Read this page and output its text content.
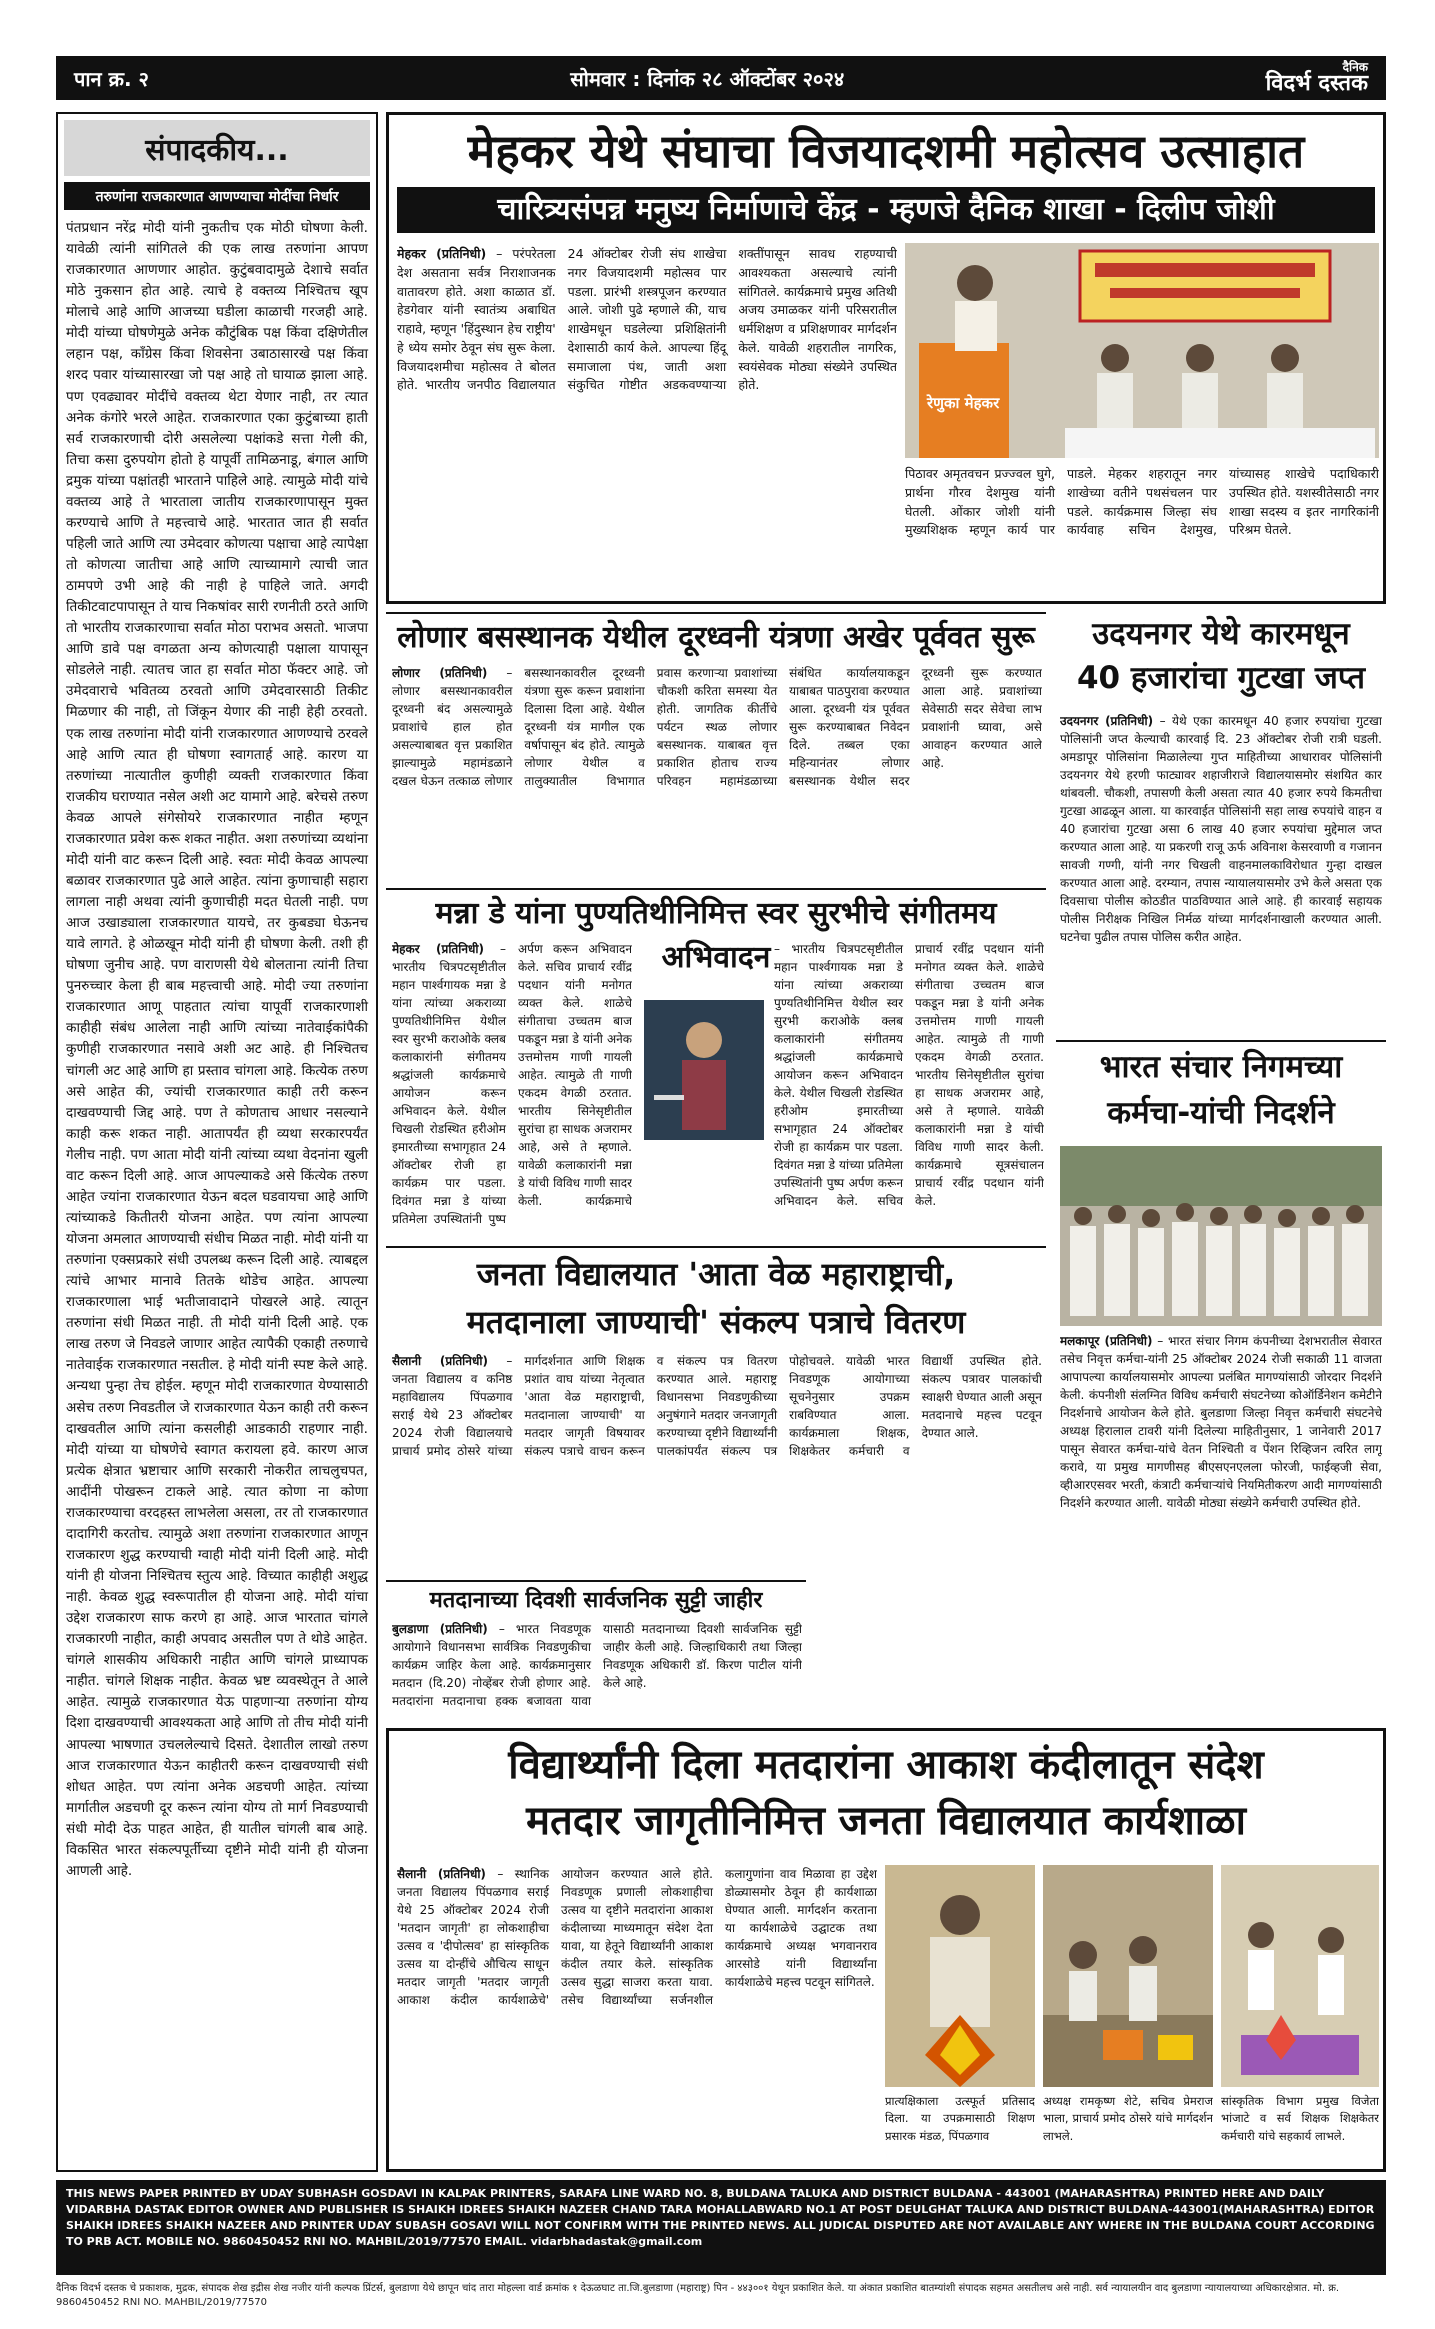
पान क्र. २	सोमवार : दिनांक २८ ऑक्टोंबर २०२४	दैनिक
विदर्भ दस्तक
संपादकीय...
तरुणांना राजकारणात आणण्याचा मोदींचा निर्धार
पंतप्रधान नरेंद्र मोदी यांनी नुकतीच एक मोठी घोषणा केली. यावेळी त्यांनी सांगितले की एक लाख तरुणांना आपण राजकारणात आणणार आहोत. कुटुंबवादामुळे देशाचे सर्वात मोठे नुकसान होत आहे. त्याचे हे वक्तव्य निश्चितच खूप मोलाचे आहे आणि आजच्या घडीला काळाची गरजही आहे. मोदी यांच्या घोषणेमुळे अनेक कौटुंबिक पक्ष किंवा दक्षिणेतील लहान पक्ष, काँग्रेस किंवा शिवसेना उबाठासारखे पक्ष किंवा शरद पवार यांच्यासारखा जो पक्ष आहे तो घायाळ झाला आहे. पण एवढ्यावर मोदींचे वक्तव्य थेटा येणार नाही, तर त्यात अनेक कंगोरे भरले आहेत. राजकारणात एका कुटुंबाच्या हाती सर्व राजकारणाची दोरी असलेल्या पक्षांकडे सत्ता गेली की, तिचा कसा दुरुपयोग होतो हे यापूर्वी तामिळनाडू, बंगाल आणि द्रमुक यांच्या पक्षांतही भारताने पाहिले आहे. त्यामुळे मोदी यांचे वक्तव्य आहे ते भारताला जातीय राजकारणापासून मुक्त करण्याचे आणि ते महत्त्वाचे आहे. भारतात जात ही सर्वात पहिली जाते आणि त्या उमेदवार कोणत्या पक्षाचा आहे त्यापेक्षा तो कोणत्या जातीचा आहे आणि त्याच्यामागे त्याची जात ठामपणे उभी आहे की नाही हे पाहिले जाते. अगदी तिकीटवाटपापासून ते याच निकषांवर सारी रणनीती ठरते आणि तो भारतीय राजकारणाचा सर्वात मोठा पराभव असतो. भाजपा आणि डावे पक्ष वगळता अन्य कोणत्याही पक्षाला यापासून सोडलेले नाही. त्यातच जात हा सर्वात मोठा फॅक्टर आहे. जो उमेदवाराचे भवितव्य ठरवतो आणि उमेदवारसाठी तिकीट मिळणार की नाही, तो जिंकून येणार की नाही हेही ठरवतो. एक लाख तरुणांना मोदी यांनी राजकारणात आणण्याचे ठरवले आहे आणि त्यात ही घोषणा स्वागतार्ह आहे. कारण या तरुणांच्या नात्यातील कुणीही व्यक्ती राजकारणात किंवा राजकीय घराण्यात नसेल अशी अट यामागे आहे. बरेचसे तरुण केवळ आपले संगेसोयरे राजकारणात नाहीत म्हणून राजकारणात प्रवेश करू शकत नाहीत. अशा तरुणांच्या व्यथांना मोदी यांनी वाट करून दिली आहे. स्वतः मोदी केवळ आपल्या बळावर राजकारणात पुढे आले आहेत. त्यांना कुणाचाही सहारा लागला नाही अथवा त्यांनी कुणाचीही मदत घेतली नाही. पण आज उखाड्याला राजकारणात यायचे, तर कुबड्या घेऊनच यावे लागते. हे ओळखून मोदी यांनी ही घोषणा केली. तशी ही घोषणा जुनीच आहे. पण वाराणसी येथे बोलताना त्यांनी तिचा पुनरुच्चार केला ही बाब महत्त्वाची आहे. मोदी ज्या तरुणांना राजकारणात आणू पाहतात त्यांचा यापूर्वी राजकारणाशी काहीही संबंध आलेला नाही आणि त्यांच्या नातेवाईकांपैकी कुणीही राजकारणात नसावे अशी अट आहे. ही निश्चितच चांगली अट आहे आणि हा प्रस्ताव चांगला आहे. कित्येक तरुण असे आहेत की, ज्यांची राजकारणात काही तरी करून दाखवण्याची जिद्द आहे. पण ते कोणताच आधार नसल्याने काही करू शकत नाही. आतापर्यंत ही व्यथा सरकारपर्यंत गेलीच नाही. पण आता मोदी यांनी त्यांच्या व्यथा वेदनांना खुली वाट करून दिली आहे. आज आपल्याकडे असे किंत्येक तरुण आहेत ज्यांना राजकारणात येऊन बदल घडवायचा आहे आणि त्यांच्याकडे कितीतरी योजना आहेत. पण त्यांना आपल्या योजना अमलात आणण्याची संधीच मिळत नाही. मोदी यांनी या तरुणांना एक्सप्रकारे संधी उपलब्ध करून दिली आहे. त्याबद्दल त्यांचे आभार मानावे तितके थोडेच आहेत. आपल्या राजकारणाला भाई भतीजावादाने पोखरले आहे. त्यातून तरुणांना संधी मिळत नाही. ती मोदी यांनी दिली आहे. एक लाख तरुण जे निवडले जाणार आहेत त्यापैकी एकाही तरुणाचे नातेवाईक राजकारणात नसतील. हे मोदी यांनी स्पष्ट केले आहे. अन्यथा पुन्हा तेच होईल. म्हणून मोदी राजकारणात येण्यासाठी असेच तरुण निवडतील जे राजकारणात येऊन काही तरी करून दाखवतील आणि त्यांना कसलीही आडकाठी राहणार नाही. मोदी यांच्या या घोषणेचे स्वागत करायला हवे. कारण आज प्रत्येक क्षेत्रात भ्रष्टाचार आणि सरकारी नोकरीत लाचलुचपत, आदींनी पोखरून टाकले आहे. त्यात कोणा ना कोणा राजकारण्याचा वरदहस्त लाभलेला असला, तर तो राजकारणात दादागिरी करतोच. त्यामुळे अशा तरुणांना राजकारणात आणून राजकारण शुद्ध करण्याची ग्वाही मोदी यांनी दिली आहे. मोदी यांनी ही योजना निश्चितच स्तुत्य आहे. विच्यात काहीही अशुद्ध नाही. केवळ शुद्ध स्वरूपातील ही योजना आहे. मोदी यांचा उद्देश राजकारण साफ करणे हा आहे. आज भारतात चांगले राजकारणी नाहीत, काही अपवाद असतील पण ते थोडे आहेत. चांगले शासकीय अधिकारी नाहीत आणि चांगले प्राध्यापक नाहीत. चांगले शिक्षक नाहीत. केवळ भ्रष्ट व्यवस्थेतून ते आले आहेत. त्यामुळे राजकारणात येऊ पाहणाऱ्या तरुणांना योग्य दिशा दाखवण्याची आवश्यकता आहे आणि तो तीच मोदी यांनी आपल्या भाषणात उचललेल्याचे दिसते. देशातील लाखो तरुण आज राजकारणात येऊन काहीतरी करून दाखवण्याची संधी शोधत आहेत. पण त्यांना अनेक अडचणी आहेत. त्यांच्या मार्गातील अडचणी दूर करून त्यांना योग्य तो मार्ग निवडण्याची संधी मोदी देऊ पाहत आहेत, ही यातील चांगली बाब आहे. विकसित भारत संकल्पपूर्तीच्या दृष्टीने मोदी यांनी ही योजना आणली आहे.
मेहकर येथे संघाचा विजयादशमी महोत्सव उत्साहात
चारित्र्यसंपन्न मनुष्य निर्माणाचे केंद्र - म्हणजे दैनिक शाखा - दिलीप जोशी
मेहकर (प्रतिनिधी) – परंपरेतला देश असताना सर्वत्र निराशाजनक वातावरण होते. अशा काळात डॉ. हेडगेवार यांनी स्वातंत्र्य अबाधित राहावे, म्हणून 'हिंदुस्थान हेच राष्ट्रीय' हे ध्येय समोर ठेवून संघ सुरू केला. विजयादशमीचा महोत्सव ते बोलत होते. भारतीय जनपीठ विद्यालयात 24 ऑक्टोबर रोजी संघ शाखेचा नगर विजयादशमी महोत्सव पार पडला. प्रारंभी शस्त्रपूजन करण्यात आले. जोशी पुढे म्हणाले की, याच शाखेमधून घडलेल्या प्रशिक्षितांनी देशासाठी कार्य केले. आपल्या हिंदू समाजाला पंथ, जाती अशा संकुचित गोष्टीत अडकवण्याऱ्या शक्तींपासून सावध राहण्याची आवश्यकता असल्याचे त्यांनी सांगितले. कार्यक्रमाचे प्रमुख अतिथी अजय उमाळकर यांनी परिसरातील धर्मशिक्षण व प्रशिक्षणावर मार्गदर्शन केले. यावेळी शहरातील नागरिक, स्वयंसेवक मोठ्या संख्येने उपस्थित होते.
रेणुका मेहकर
पिठावर अमृतवचन प्रज्ज्वल घुगे, प्रार्थना गौरव देशमुख यांनी घेतली. ओंकार जोशी यांनी मुख्यशिक्षक म्हणून कार्य पार पाडले. मेहकर शहरातून नगर शाखेच्या वतीने पथसंचलन पार पडले. कार्यक्रमास जिल्हा संघ कार्यवाह सचिन देशमुख, यांच्यासह शाखेचे पदाधिकारी उपस्थित होते. यशस्वीतेसाठी नगर शाखा सदस्य व इतर नागरिकांनी परिश्रम घेतले.
लोणार बसस्थानक येथील दूरध्वनी यंत्रणा अखेर पूर्ववत सुरू
लोणार (प्रतिनिधी) – लोणार बसस्थानकावरील दूरध्वनी बंद असल्यामुळे प्रवाशांचे हाल होत असल्याबाबत वृत्त प्रकाशित झाल्यामुळे महामंडळाने दखल घेऊन तत्काळ लोणार बसस्थानकावरील दूरध्वनी यंत्रणा सुरू करून प्रवाशांना दिलासा दिला आहे. येथील दूरध्वनी यंत्र मागील एक वर्षापासून बंद होते. त्यामुळे लोणार येथील व तालुक्यातील विभागात प्रवास करणाऱ्या प्रवाशांच्या चौकशी करिता समस्या येत होती. जागतिक कीर्तीचे पर्यटन स्थळ लोणार बसस्थानक. याबाबत वृत्त प्रकाशित होताच राज्य परिवहन महामंडळाच्या संबंधित कार्यालयाकडून याबाबत पाठपुरावा करण्यात आला. दूरध्वनी यंत्र पूर्ववत सुरू करण्याबाबत निवेदन दिले. तब्बल एका महिन्यानंतर लोणार बसस्थानक येथील सदर दूरध्वनी सुरू करण्यात आला आहे. प्रवाशांच्या सेवेसाठी सदर सेवेचा लाभ प्रवाशांनी घ्यावा, असे आवाहन करण्यात आले आहे.
मन्ना डे यांना पुण्यतिथीनिमित्त स्वर सुरभीचे संगीतमय अभिवादन
मेहकर (प्रतिनिधी) – भारतीय चित्रपटसृष्टीतील महान पार्श्वगायक मन्ना डे यांना त्यांच्या अकराव्या पुण्यतिथीनिमित्त येथील स्वर सुरभी कराओके क्लब कलाकारांनी संगीतमय श्रद्धांजली कार्यक्रमाचे आयोजन करून अभिवादन केले. येथील चिखली रोडस्थित हरीओम इमारतीच्या सभागृहात 24 ऑक्टोबर रोजी हा कार्यक्रम पार पडला. दिवंगत मन्ना डे यांच्या प्रतिमेला उपस्थितांनी पुष्प अर्पण करून अभिवादन केले. सचिव प्राचार्य रवींद्र पदधान यांनी मनोगत व्यक्त केले. शाळेचे संगीताचा उच्चतम बाज पकडून मन्ना डे यांनी अनेक उत्तमोत्तम गाणी गायली आहेत. त्यामुळे ती गाणी एकदम वेगळी ठरतात. भारतीय सिनेसृष्टीतील सुरांचा हा साधक अजरामर आहे, असे ते म्हणाले. यावेळी कलाकारांनी मन्ना डे यांची विविध गाणी सादर केली. कार्यक्रमाचे
– भारतीय चित्रपटसृष्टीतील महान पार्श्वगायक मन्ना डे यांना त्यांच्या अकराव्या पुण्यतिथीनिमित्त येथील स्वर सुरभी कराओके क्लब कलाकारांनी संगीतमय श्रद्धांजली कार्यक्रमाचे आयोजन करून अभिवादन केले. येथील चिखली रोडस्थित हरीओम इमारतीच्या सभागृहात 24 ऑक्टोबर रोजी हा कार्यक्रम पार पडला. दिवंगत मन्ना डे यांच्या प्रतिमेला उपस्थितांनी पुष्प अर्पण करून अभिवादन केले. सचिव प्राचार्य रवींद्र पदधान यांनी मनोगत व्यक्त केले. शाळेचे संगीताचा उच्चतम बाज पकडून मन्ना डे यांनी अनेक उत्तमोत्तम गाणी गायली आहेत. त्यामुळे ती गाणी एकदम वेगळी ठरतात. भारतीय सिनेसृष्टीतील सुरांचा हा साधक अजरामर आहे, असे ते म्हणाले. यावेळी कलाकारांनी मन्ना डे यांची विविध गाणी सादर केली. कार्यक्रमाचे सूत्रसंचालन प्राचार्य रवींद्र पदधान यांनी केले.
जनता विद्यालयात 'आता वेळ महाराष्ट्राची,
मतदानाला जाण्याची' संकल्प पत्राचे वितरण
सैलानी (प्रतिनिधी) – जनता विद्यालय व कनिष्ठ महाविद्यालय पिंपळगाव सराई येथे 23 ऑक्टोबर 2024 रोजी विद्यालयाचे प्राचार्य प्रमोद ठोसरे यांच्या मार्गदर्शनात आणि शिक्षक प्रशांत वाघ यांच्या नेतृत्वात 'आता वेळ महाराष्ट्राची, मतदानाला जाण्याची' या मतदार जागृती विषयावर संकल्प पत्राचे वाचन करून व संकल्प पत्र वितरण करण्यात आले. महाराष्ट्र विधानसभा निवडणुकीच्या अनुषंगाने मतदार जनजागृती करण्याच्या दृष्टीने विद्यार्थ्यांनी पालकांपर्यंत संकल्प पत्र पोहोचवले. यावेळी भारत निवडणूक आयोगाच्या सूचनेनुसार उपक्रम राबविण्यात आला. कार्यक्रमाला शिक्षक, शिक्षकेतर कर्मचारी व विद्यार्थी उपस्थित होते. संकल्प पत्रावर पालकांची स्वाक्षरी घेण्यात आली असून मतदानाचे महत्त्व पटवून देण्यात आले.
मतदानाच्या दिवशी सार्वजनिक सुट्टी जाहीर
बुलडाणा (प्रतिनिधी) – भारत निवडणूक आयोगाने विधानसभा सार्वत्रिक निवडणुकीचा कार्यक्रम जाहिर केला आहे. कार्यक्रमानुसार मतदान (दि.20) नोव्हेंबर रोजी होणार आहे. मतदारांना मतदानाचा हक्क बजावता यावा यासाठी मतदानाच्या दिवशी सार्वजनिक सुट्टी जाहीर केली आहे. जिल्हाधिकारी तथा जिल्हा निवडणूक अधिकारी डॉ. किरण पाटील यांनी केले आहे.
उदयनगर येथे कारमधून
40 हजारांचा गुटखा जप्त
उदयनगर (प्रतिनिधी) – येथे एका कारमधून 40 हजार रुपयांचा गुटखा पोलिसांनी जप्त केल्याची कारवाई दि. 23 ऑक्टोबर रोजी रात्री घडली. अमडापूर पोलिसांना मिळालेल्या गुप्त माहितीच्या आधारावर पोलिसांनी उदयनगर येथे हरणी फाट्यावर शहाजीराजे विद्यालयासमोर संशयित कार थांबवली. चौकशी, तपासणी केली असता त्यात 40 हजार रुपये किमतीचा गुटखा आढळून आला. या कारवाईत पोलिसांनी सहा लाख रुपयांचे वाहन व 40 हजारांचा गुटखा असा 6 लाख 40 हजार रुपयांचा मुद्देमाल जप्त करण्यात आला आहे. या प्रकरणी राजू ऊर्फ अविनाश केसरवाणी व गजानन सावजी गण्गी, यांनी नगर चिखली वाहनमालकाविरोधात गुन्हा दाखल करण्यात आला आहे. दरम्यान, तपास न्यायालयासमोर उभे केले असता एक दिवसाचा पोलीस कोठडीत पाठविण्यात आले आहे. ही कारवाई सहायक पोलीस निरीक्षक निखिल निर्मळ यांच्या मार्गदर्शनाखाली करण्यात आली. घटनेचा पुढील तपास पोलिस करीत आहेत.
भारत संचार निगमच्या
कर्मचा-यांची निदर्शने
मलकापूर (प्रतिनिधी) – भारत संचार निगम कंपनीच्या देशभरातील सेवारत तसेच निवृत्त कर्मचा-यांनी 25 ऑक्टोबर 2024 रोजी सकाळी 11 वाजता आपापल्या कार्यालयासमोर आपल्या प्रलंबित मागण्यांसाठी जोरदार निदर्शने केली. कंपनीशी संलग्नित विविध कर्मचारी संघटनेच्या कोऑर्डिनेशन कमेटीने निदर्शनाचे आयोजन केले होते. बुलडाणा जिल्हा निवृत्त कर्मचारी संघटनेचे अध्यक्ष हिरालाल टावरी यांनी दिलेल्या माहितीनुसार, 1 जानेवारी 2017 पासून सेवारत कर्मचा-यांचे वेतन निश्चिती व पेंशन रिव्हिजन त्वरित लागू करावे, या प्रमुख मागणीसह बीएसएनएलला फोरजी, फाईव्हजी सेवा, व्हीआरएसवर भरती, कंत्राटी कर्मचाऱ्यांचे नियमितीकरण आदी मागण्यांसाठी निदर्शने करण्यात आली. यावेळी मोठ्या संख्येने कर्मचारी उपस्थित होते.
विद्यार्थ्यांनी दिला मतदारांना आकाश कंदीलातून संदेश
मतदार जागृतीनिमित्त जनता विद्यालयात कार्यशाळा
सैलानी (प्रतिनिधी) – स्थानिक जनता विद्यालय पिंपळगाव सराई येथे 25 ऑक्टोबर 2024 रोजी 'मतदान जागृती' हा लोकशाहीचा उत्सव व 'दीपोत्सव' हा सांस्कृतिक उत्सव या दोन्हींचे औचित्य साधून मतदार जागृती 'मतदार जागृती आकाश कंदील कार्यशाळेचे' आयोजन करण्यात आले होते. निवडणूक प्रणाली लोकशाहीचा उत्सव या दृष्टीने मतदारांना आकाश कंदीलाच्या माध्यमातून संदेश देता यावा, या हेतूने विद्यार्थ्यांनी आकाश कंदील तयार केले. सांस्कृतिक उत्सव सुद्धा साजरा करता यावा. तसेच विद्यार्थ्यांच्या सर्जनशील कलागुणांना वाव मिळावा हा उद्देश डोळ्यासमोर ठेवून ही कार्यशाळा घेण्यात आली. मार्गदर्शन करताना या कार्यशाळेचे उद्घाटक तथा कार्यक्रमाचे अध्यक्ष भगवानराव आरसोडे यांनी विद्यार्थ्यांना कार्यशाळेचे महत्त्व पटवून सांगितले.
प्रात्यक्षिकाला उत्स्फूर्त प्रतिसाद दिला. या उपक्रमासाठी शिक्षण प्रसारक मंडळ, पिंपळगाव
अध्यक्ष रामकृष्ण शेटे, सचिव प्रेमराज भाला, प्राचार्य प्रमोद ठोसरे यांचे मार्गदर्शन लाभले.
सांस्कृतिक विभाग प्रमुख विजेता भांजाटे व सर्व शिक्षक शिक्षकेतर कर्मचारी यांचे सहकार्य लाभले.
THIS NEWS PAPER PRINTED BY UDAY SUBHASH GOSDAVI IN KALPAK PRINTERS, SARAFA LINE WARD NO. 8, BULDANA TALUKA AND DISTRICT BULDANA - 443001 (MAHARASHTRA) PRINTED HERE AND DAILY VIDARBHA DASTAK EDITOR OWNER AND PUBLISHER IS SHAIKH IDREES SHAIKH NAZEER CHAND TARA MOHALLABWARD NO.1 AT POST DEULGHAT TALUKA AND DISTRICT BULDANA-443001(MAHARASHTRA) EDITOR SHAIKH IDREES SHAIKH NAZEER AND PRINTER UDAY SUBASH GOSAVI WILL NOT CONFIRM WITH THE PRINTED NEWS. ALL JUDICAL DISPUTED ARE NOT AVAILABLE ANY WHERE IN THE BULDANA COURT ACCORDING TO PRB ACT. MOBILE NO. 9860450452 RNI NO. MAHBIL/2019/77570 EMAIL. vidarbhadastak@gmail.com
दैनिक विदर्भ दस्तक चे प्रकाशक, मुद्रक, संपादक शेख इद्रीस शेख नजीर यांनी कल्पक प्रिंटर्स, बुलडाणा येथे छापून चांद तारा मोहल्ला वार्ड क्रमांक १ देऊळघाट ता.जि.बुलडाणा (महाराष्ट्र) पिन - ४४३००१ येथून प्रकाशित केले. या अंकात प्रकाशित बातम्यांशी संपादक सहमत असतीलच असे नाही. सर्व न्यायालयीन वाद बुलडाणा न्यायालयाच्या अधिकारक्षेत्रात. मो. क्र. 9860450452 RNI NO. MAHBIL/2019/77570
